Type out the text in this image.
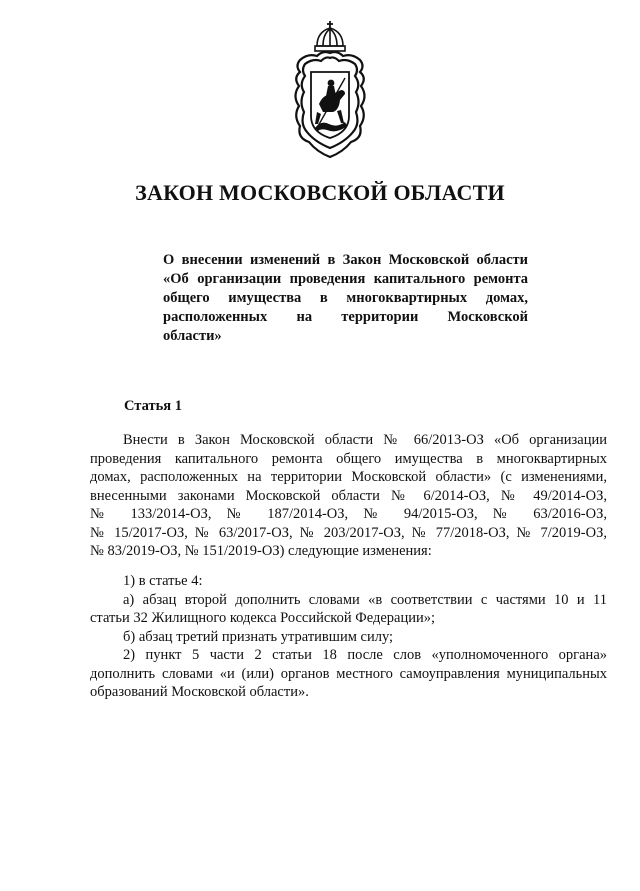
ЗАКОН МОСКОВСКОЙ ОБЛАСТИ
О внесении изменений в Закон Московской области
«Об организации проведения капитального ремонта
общего имущества в многоквартирных домах,
расположенных на территории Московской
области»
Статья 1
Внести в Закон Московской области № 66/2013-ОЗ «Об организации
проведения капитального ремонта общего имущества в многоквартирных
домах, расположенных на территории Московской области» (с изменениями,
внесенными законами Московской области № 6/2014-ОЗ, № 49/2014-ОЗ,
№ 133/2014-ОЗ, № 187/2014-ОЗ, № 94/2015-ОЗ, № 63/2016-ОЗ,
№ 15/2017-ОЗ, № 63/2017-ОЗ, № 203/2017-ОЗ, № 77/2018-ОЗ, № 7/2019-ОЗ,
№ 83/2019-ОЗ, № 151/2019-ОЗ) следующие изменения:
1) в статье 4:
а) абзац второй дополнить словами «в соответствии с частями 10 и 11
статьи 32 Жилищного кодекса Российской Федерации»;
б) абзац третий признать утратившим силу;
2) пункт 5 части 2 статьи 18 после слов «уполномоченного органа»
дополнить словами «и (или) органов местного самоуправления муниципальных
образований Московской области».
